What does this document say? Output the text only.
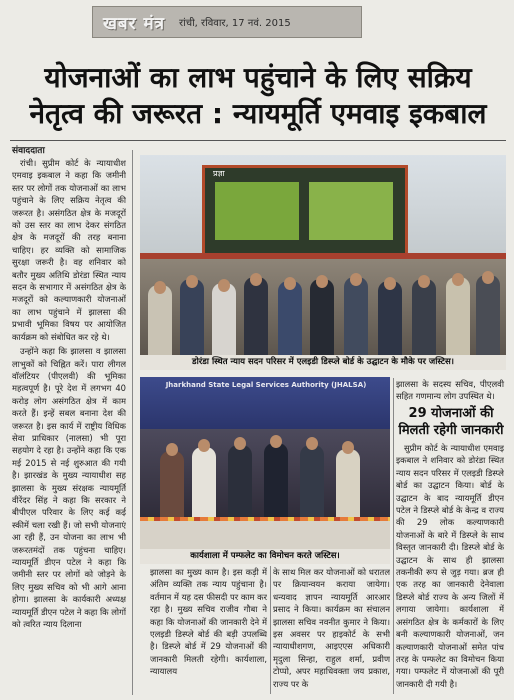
खबर मंत्र रांची, रविवार, 17 नवं. 2015
योजनाओं का लाभ पहुंचाने के लिए सक्रिय
नेतृत्व की जरूरत : न्यायमूर्ति एमवाइ इकबाल
संवाददाता

रांची। सुप्रीम कोर्ट के न्यायाधीश एमवाइ इकबाल ने कहा कि जमीनी स्तर पर लोगों तक योजनाओं का लाभ पहुंचाने के लिए सक्रिय नेतृत्व की जरूरत है। असंगठित क्षेत्र के मजदूरों को उस स्तर का लाभ देकर संगठित क्षेत्र के मजदूरों की तरह बनाना चाहिए। हर व्यक्ति को सामाजिक सुरक्षा जरूरी है। वह शनिवार को बतौर मुख्य अतिथि डोरंडा स्थित न्याय सदन के सभागार में असंगठित क्षेत्र के मजदूरों को कल्याणकारी योजनाओं का लाभ पहुंचाने में झालसा की प्रभावी भूमिका विषय पर आयोजित कार्यक्रम को संबोधित कर रहे थे।

उन्होंने कहा कि झालसा व झालसा लाभुकों को चिह्नित करें। पारा लीगल वॉलंटियर (पीएलवी) की भूमिका महत्वपूर्ण है। पूरे देश में लगभग 40 करोड़ लोग असंगठित क्षेत्र में काम करते हैं। इन्हें सबल बनाना देश की जरूरत है। इस कार्य में राष्ट्रीय विधिक सेवा प्राधिकार (नालसा) भी पूरा सहयोग दे रहा है। उन्होंने कहा कि एक मई 2015 से नई शुरुआत की गयी है। झारखंड के मुख्य न्यायाधीश सह झालसा के मुख्य संरक्षक न्यायमूर्ति वीरेंदर सिंह ने कहा कि सरकार ने बीपीएल परिवार के लिए कई कई स्कीमें चला रखी हैं। जो सभी योजनाएं आ रही हैं, उन योजना का लाभ भी जरूरतमंदों तक पहुंचना चाहिए। न्यायमूर्ति डीएन पटेल ने कहा कि जमीनी स्तर पर लोगों को जोड़ने के लिए मुख्य सचिव को भी आगे आना होगा। झालसा के कार्यकारी अध्यक्ष न्यायमूर्ति डीएन पटेल ने कहा कि लोगों को त्वरित न्याय दिलाना

प्रज्ञा
डोरंडा स्थित न्याय सदन परिसर में एलइडी डिस्प्ले बोर्ड के उद्घाटन के मौके पर जस्टिस।
Jharkhand State Legal Services Authority (JHALSA)
कार्यशाला में पम्फलेट का विमोचन करते जस्टिस।

झालसा का मुख्य काम है। इस कड़ी में अंतिम व्यक्ति तक न्याय पहुंचाना है। वर्तमान में यह दस फीसदी पर काम कर रहा है। मुख्य सचिव राजीव गौबा ने कहा कि योजनाओं की जानकारी देने में एलइडी डिस्प्ले बोर्ड की बड़ी उपलब्धि है। डिस्प्ले बोर्ड में 29 योजनाओं की जानकारी मिलती रहेगी। कार्यशाला, न्यायालय

के साथ मिल कर योजनाओं को धरातल पर क्रियान्वयन कराया जायेगा। धन्यवाद ज्ञापन न्यायमूर्ति आरआर प्रसाद ने किया। कार्यक्रम का संचालन झालसा सचिव नवनीत कुमार ने किया। इस अवसर पर हाइकोर्ट के सभी न्यायाधीशगण, आइएएस अधिकारी मृदुला सिन्हा, राहुल शर्मा, प्रवीण टोप्पो, अपर महाधिवक्ता जय प्रकाश, राज्य पर के

झालसा के सदस्य सचिव, पीएलवी सहित गणमान्य लोग उपस्थित थे।
29 योजनाओं की मिलती रहेगी जानकारी

सुप्रीम कोर्ट के न्यायाधीश एमवाइ इकबाल ने शनिवार को डोरंडा स्थित न्याय सदन परिसर में एलइडी डिस्प्ले बोर्ड का उद्घाटन किया। बोर्ड के उद्घाटन के बाद न्यायमूर्ति डीएन पटेल ने डिस्प्ले बोर्ड के केन्द्र व राज्य की 29 लोक कल्याणकारी योजनाओं के बारे में डिस्प्ले के साथ विस्तृत जानकारी दी। डिस्प्ले बोर्ड के उद्घाटन के साथ ही झालसा तकनीकी रूप से जुड़ गया। ब्रज ही एक तरह का जानकारी देनेवाला डिस्प्ले बोर्ड राज्य के अन्य जिलों में लगाया जायेगा। कार्यशाला में असंगठित क्षेत्र के कर्मकारों के लिए बनी कल्याणकारी योजनाओं, जन कल्याणकारी योजनाओं समेत पांच तरह के पम्फलेट का विमोचन किया गया। पम्फलेट में योजनाओं की पूरी जानकारी दी गयी है।
